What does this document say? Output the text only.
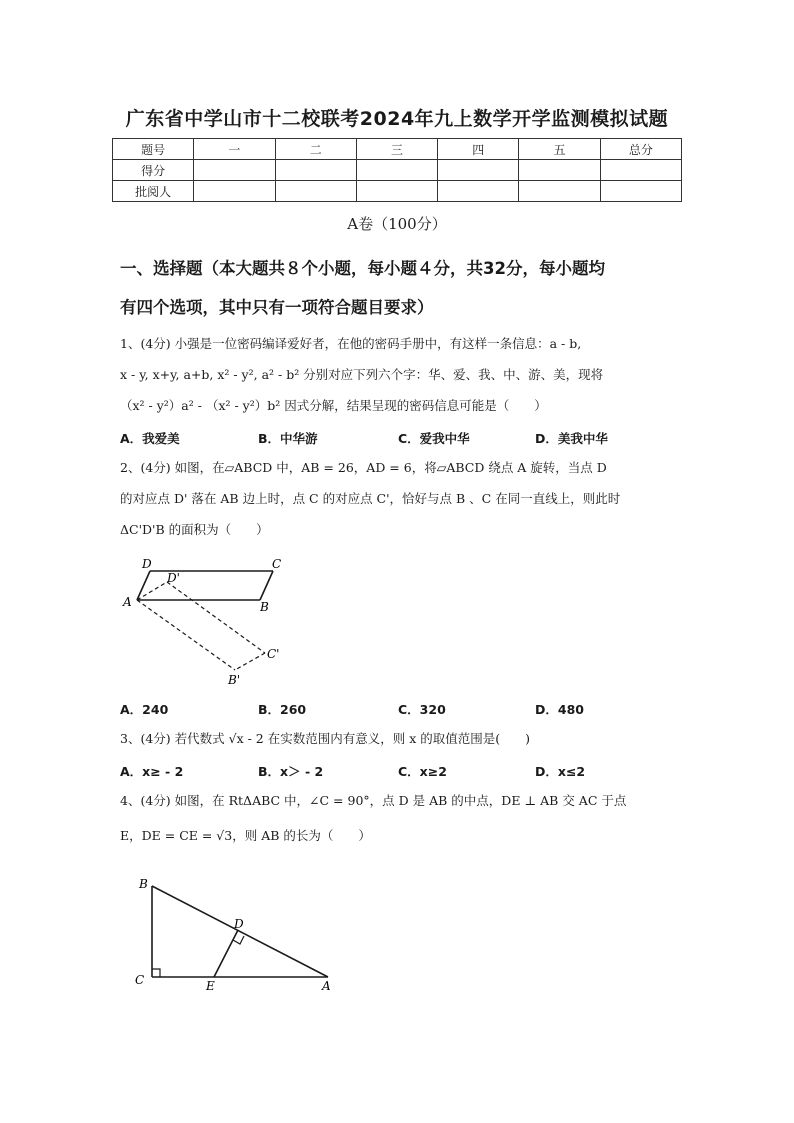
广东省中学山市十二校联考2024年九上数学开学监测模拟试题
题号	一	二	三	四	五	总分
得分						
批阅人						
A卷（100分）
一、选择题（本大题共８个小题，每小题４分，共32分，每小题均
有四个选项，其中只有一项符合题目要求）
1、(4分) 小强是一位密码编译爱好者，在他的密码手册中，有这样一条信息：a - b,
x - y, x+y, a+b, x² - y², a² - b² 分别对应下列六个字：华、爱、我、中、游、美，现将
（x² - y²）a² - （x² - y²）b² 因式分解，结果呈现的密码信息可能是（　　）
A．我爱美	B．中华游	C．爱我中华	D．美我中华
2、(4分) 如图，在▱ABCD 中，AB = 26，AD = 6，将▱ABCD 绕点 A 旋转，当点 D
的对应点 D' 落在 AB 边上时，点 C 的对应点 C'，恰好与点 B 、C 在同一直线上，则此时
ΔC'D'B 的面积为（　　）
D
D'
C
A	B
C'
B'
A．240	B．260	C．320	D．480
3、(4分) 若代数式 √x - 2 在实数范围内有意义，则 x 的取值范围是(　　)
A．x≥ - 2	B．x＞ - 2	C．x≥2	D．x≤2
4、(4分) 如图，在 RtΔABC 中，∠C = 90°，点 D 是 AB 的中点，DE ⊥ AB 交 AC 于点
E，DE = CE = √3，则 AB 的长为（　　）
B
D
C	E	A
